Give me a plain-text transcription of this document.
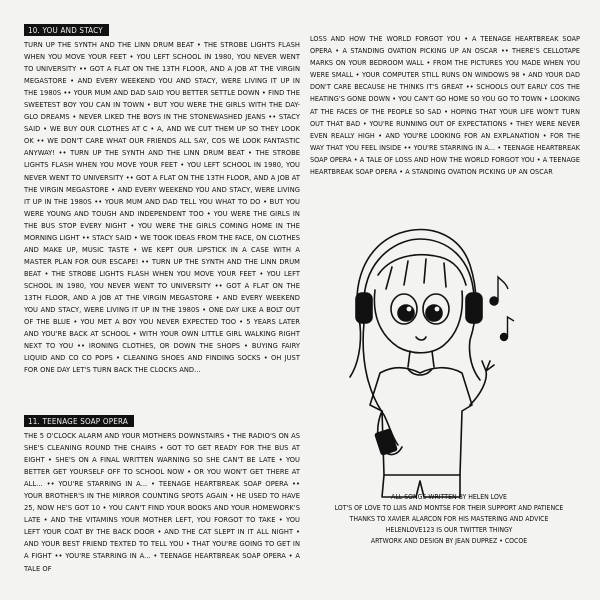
10. YOU AND STACY

TURN UP THE SYNTH AND THE LINN DRUM BEAT • THE STROBE LIGHTS FLASH WHEN YOU MOVE YOUR FEET • YOU LEFT SCHOOL IN 1980, YOU NEVER WENT TO UNIVERSITY •• GOT A FLAT ON THE 13TH FLOOR, AND A JOB AT THE VIRGIN MEGASTORE • AND EVERY WEEKEND YOU AND STACY, WERE LIVING IT UP IN THE 1980S •• YOUR MUM AND DAD SAID YOU BETTER SETTLE DOWN • FIND THE SWEETEST BOY YOU CAN IN TOWN • BUT YOU WERE THE GIRLS WITH THE DAY-GLO DREAMS • NEVER LIKED THE BOYS IN THE STONEWASHED JEANS •• STACY SAID • WE BUY OUR CLOTHES AT C • A, AND WE CUT THEM UP SO THEY LOOK OK •• WE DON'T CARE WHAT OUR FRIENDS ALL SAY, COS WE LOOK FANTASTIC ANYWAY! •• TURN UP THE SYNTH AND THE LINN DRUM BEAT • THE STROBE LIGHTS FLASH WHEN YOU MOVE YOUR FEET • YOU LEFT SCHOOL IN 1980, YOU NEVER WENT TO UNIVERSITY •• GOT A FLAT ON THE 13TH FLOOR, AND A JOB AT THE VIRGIN MEGASTORE • AND EVERY WEEKEND YOU AND STACY, WERE LIVING IT UP IN THE 1980S •• YOUR MUM AND DAD TELL YOU WHAT TO DO • BUT YOU WERE YOUNG AND TOUGH AND INDEPENDENT TOO • YOU WERE THE GIRLS IN THE BUS STOP EVERY NIGHT • YOU WERE THE GIRLS COMING HOME IN THE MORNING LIGHT •• STACY SAID • WE TOOK IDEAS FROM THE FACE, ON CLOTHES AND MAKE UP, MUSIC TASTE • WE KEPT OUR LIPSTICK IN A CASE WITH A MASTER PLAN FOR OUR ESCAPE! •• TURN UP THE SYNTH AND THE LINN DRUM BEAT • THE STROBE LIGHTS FLASH WHEN YOU MOVE YOUR FEET • YOU LEFT SCHOOL IN 1980, YOU NEVER WENT TO UNIVERSITY •• GOT A FLAT ON THE 13TH FLOOR, AND A JOB AT THE VIRGIN MEGASTORE • AND EVERY WEEKEND YOU AND STACY, WERE LIVING IT UP IN THE 1980S • ONE DAY LIKE A BOLT OUT OF THE BLUE • YOU MET A BOY YOU NEVER EXPECTED TOO • 5 YEARS LATER AND YOU'RE BACK AT SCHOOL • WITH YOUR OWN LITTLE GIRL WALKING RIGHT NEXT TO YOU •• IRONING CLOTHES, OR DOWN THE SHOPS • BUYING FAIRY LIQUID AND CO CO POPS • CLEANING SHOES AND FINDING SOCKS • OH JUST FOR ONE DAY LET'S TURN BACK THE CLOCKS AND...

11. TEENAGE SOAP OPERA

THE 5 O'CLOCK ALARM AND YOUR MOTHERS DOWNSTAIRS • THE RADIO'S ON AS SHE'S CLEANING ROUND THE CHAIRS • GOT TO GET READY FOR THE BUS AT EIGHT • SHE'S ON A FINAL WRITTEN WARNING SO SHE CAN'T BE LATE • YOU BETTER GET YOURSELF OFF TO SCHOOL NOW • OR YOU WON'T GET THERE AT ALL... •• YOU'RE STARRING IN A... • TEENAGE HEARTBREAK SOAP OPERA •• YOUR BROTHER'S IN THE MIRROR COUNTING SPOTS AGAIN • HE USED TO HAVE 25, NOW HE'S GOT 10 • YOU CAN'T FIND YOUR BOOKS AND YOUR HOMEWORK'S LATE • AND THE VITAMINS YOUR MOTHER LEFT, YOU FORGOT TO TAKE • YOU LEFT YOUR COAT BY THE BACK DOOR • AND THE CAT SLEPT IN IT ALL NIGHT • AND YOUR BEST FRIEND TEXTED TO TELL YOU • THAT YOU'RE GOING TO GET IN A FIGHT •• YOU'RE STARRING IN A... • TEENAGE HEARTBREAK SOAP OPERA • A TALE OF

LOSS AND HOW THE WORLD FORGOT YOU • A TEENAGE HEARTBREAK SOAP OPERA • A STANDING OVATION PICKING UP AN OSCAR •• THERE'S CELLOTAPE MARKS ON YOUR BEDROOM WALL • FROM THE PICTURES YOU MADE WHEN YOU WERE SMALL • YOUR COMPUTER STILL RUNS ON WINDOWS 98 • AND YOUR DAD DON'T CARE BECAUSE HE THINKS IT'S GREAT •• SCHOOLS OUT EARLY COS THE HEATING'S GONE DOWN • YOU CAN'T GO HOME SO YOU GO TO TOWN • LOOKING AT THE FACES OF THE PEOPLE SO SAD • HOPING THAT YOUR LIFE WON'T TURN OUT THAT BAD • YOU'RE RUNNING OUT OF EXPECTATIONS • THEY WERE NEVER EVEN REALLY HIGH • AND YOU'RE LOOKING FOR AN EXPLANATION • FOR THE WAY THAT YOU FEEL INSIDE •• YOU'RE STARRING IN A... • TEENAGE HEARTBREAK SOAP OPERA • A TALE OF LOSS AND HOW THE WORLD FORGOT YOU • A TEENAGE HEARTBREAK SOAP OPERA • A STANDING OVATION PICKING UP AN OSCAR

ALL SONGS WRITTEN BY HELEN LOVE
LOT'S OF LOVE TO LUIS AND MONTSE FOR THEIR SUPPORT AND PATIENCE
THANKS TO XAVIER ALARCON FOR HIS MASTERING AND ADVICE
HELENLOVE123 IS OUR TWITTER THINGY
ARTWORK AND DESIGN BY JEAN DUPREZ • COCOE
